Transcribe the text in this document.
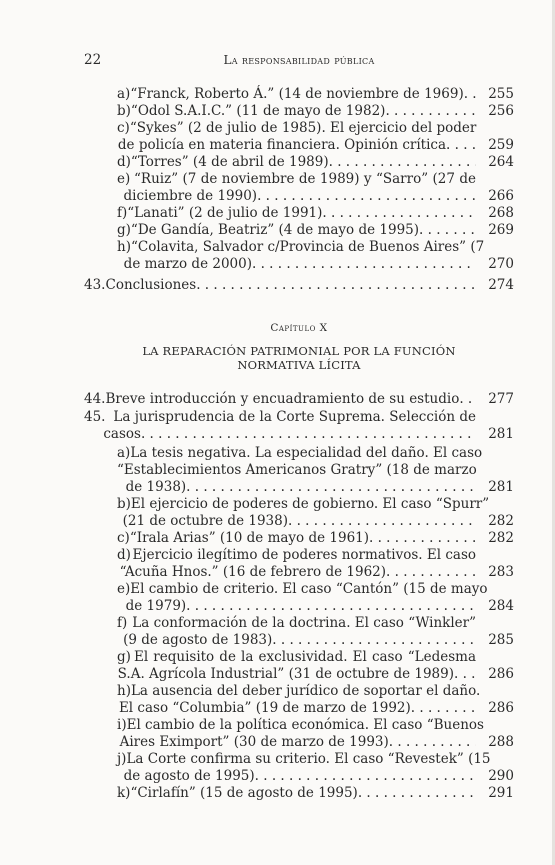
22	La responsabilidad pública
a) “Franck, Roberto Á.” (14 de noviembre de 1969) . . .	255
b) “Odol S.A.I.C.” (11 de mayo de 1982) . . .	256
c) “Sykes” (2 de julio de 1985). El ejercicio del poder
de policía en materia financiera. Opinión crítica . . .	259
d) “Torres” (4 de abril de 1989) . . .	264
e) “Ruiz” (7 de noviembre de 1989) y “Sarro” (27 de
diciembre de 1990) . . .	266
f) “Lanati” (2 de julio de 1991) . . .	268
g) “De Gandía, Beatriz” (4 de mayo de 1995) . . .	269
h) “Colavita, Salvador c/Provincia de Buenos Aires” (7
de marzo de 2000) . . .	270
43. Conclusiones . . .	274
Capítulo X
LA REPARACIÓN PATRIMONIAL POR LA FUNCIÓN
NORMATIVA LÍCITA
44. Breve introducción y encuadramiento de su estudio . . .	277
45. La jurisprudencia de la Corte Suprema. Selección de
casos . . .	281
a) La tesis negativa. La especialidad del daño. El caso
“Establecimientos Americanos Gratry” (18 de marzo
de 1938) . . .	281
b) El ejercicio de poderes de gobierno. El caso “Spurr”
(21 de octubre de 1938) . . .	282
c) “Irala Arias” (10 de mayo de 1961) . . .	282
d) Ejercicio ilegítimo de poderes normativos. El caso
“Acuña Hnos.” (16 de febrero de 1962) . . .	283
e) El cambio de criterio. El caso “Cantón” (15 de mayo
de 1979) . . .	284
f) La conformación de la doctrina. El caso “Winkler”
(9 de agosto de 1983) . . .	285
g) El requisito de la exclusividad. El caso “Ledesma
S.A. Agrícola Industrial” (31 de octubre de 1989) . . .	286
h) La ausencia del deber jurídico de soportar el daño.
El caso “Columbia” (19 de marzo de 1992) . . .	286
i) El cambio de la política económica. El caso “Buenos
Aires Eximport” (30 de marzo de 1993) . . .	288
j) La Corte confirma su criterio. El caso “Revestek” (15
de agosto de 1995) . . .	290
k) “Cirlafín” (15 de agosto de 1995) . . .	291
